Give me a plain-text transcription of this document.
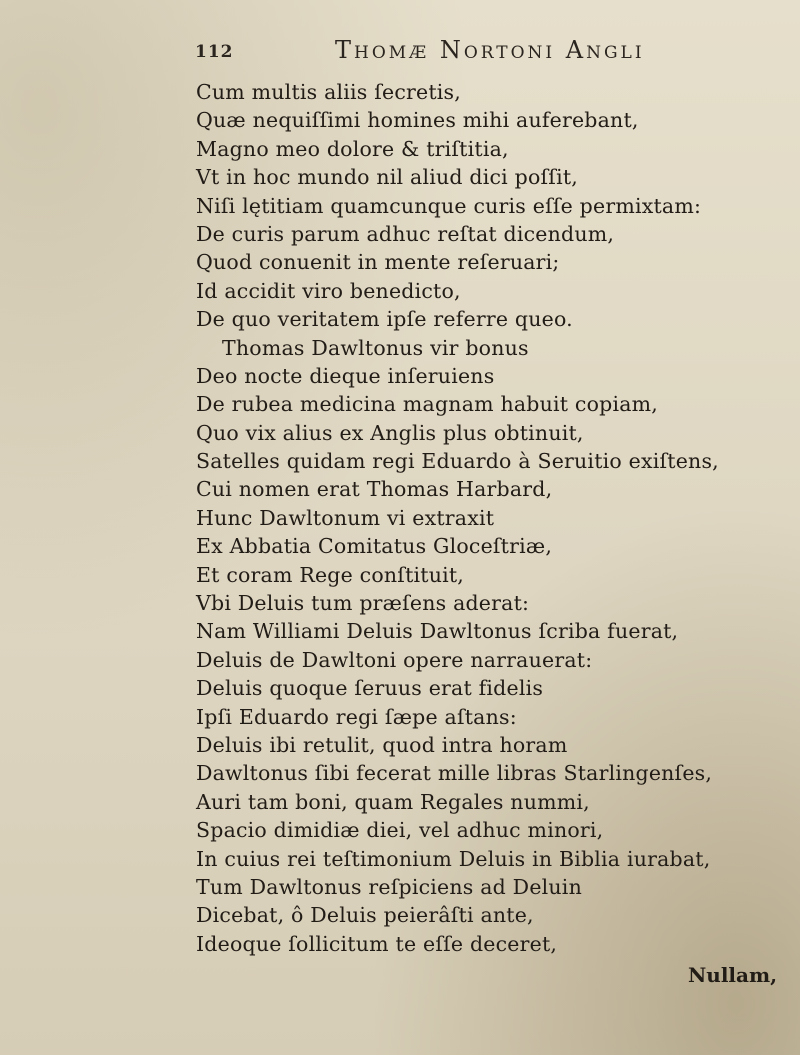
112	Thomæ Nortoni Angli
Cum multis aliis ſecretis,
Quæ nequiſſimi homines mihi auferebant,
Magno meo dolore & triſtitia,
Vt in hoc mundo nil aliud dici poſſit,
Niſi lętitiam quamcunque curis eſſe permixtam:
De curis parum adhuc reſtat dicendum,
Quod conuenit in mente reſeruari;
Id accidit viro benedicto,
De quo veritatem ipſe referre queo.
Thomas Dawltonus vir bonus
Deo nocte dieque inſeruiens
De rubea medicina magnam habuit copiam,
Quo vix alius ex Anglis plus obtinuit,
Satelles quidam regi Eduardo à Seruitio exiſtens,
Cui nomen erat Thomas Harbard,
Hunc Dawltonum vi extraxit
Ex Abbatia Comitatus Gloceſtriæ,
Et coram Rege conſtituit,
Vbi Deluis tum præſens aderat:
Nam Williami Deluis Dawltonus ſcriba fuerat,
Deluis de Dawltoni opere narrauerat:
Deluis quoque ſeruus erat fidelis
Ipſi Eduardo regi ſæpe aſtans:
Deluis ibi retulit, quod intra horam
Dawltonus ſibi fecerat mille libras Starlingenſes,
Auri tam boni, quam Regales nummi,
Spacio dimidiæ diei, vel adhuc minori,
In cuius rei teſtimonium Deluis in Biblia iurabat,
Tum Dawltonus reſpiciens ad Deluin
Dicebat, ô Deluis peierâſti ante,
Ideoque ſollicitum te eſſe deceret,
Nullam,
